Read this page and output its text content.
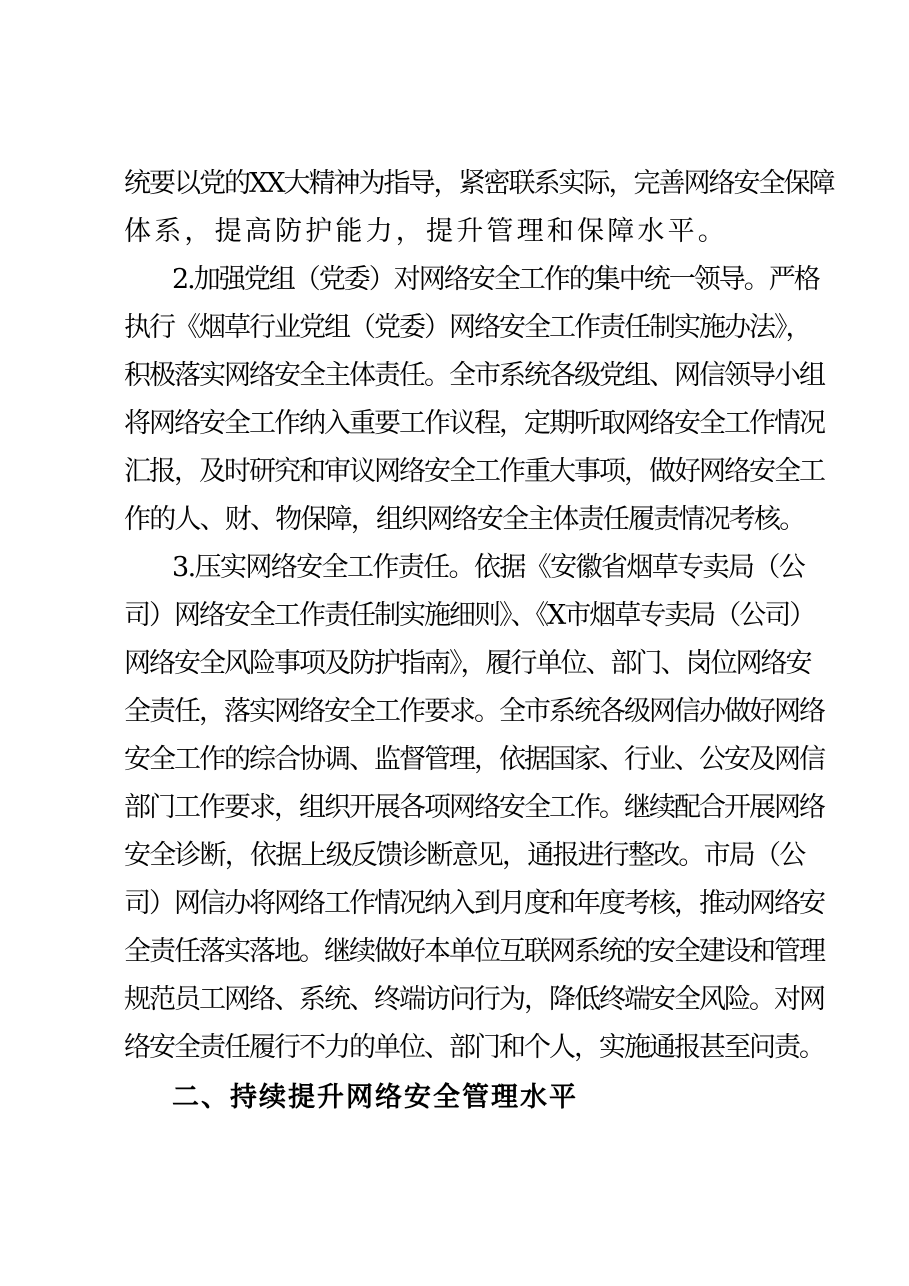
统要以党的XX大精神为指导，紧密联系实际，完善网络安全保障
体系，提高防护能力，提升管理和保障水平。
2.加强党组（党委）对网络安全工作的集中统一领导。严格
执行《烟草行业党组（党委）网络安全工作责任制实施办法》，
积极落实网络安全主体责任。全市系统各级党组、网信领导小组
将网络安全工作纳入重要工作议程，定期听取网络安全工作情况
汇报，及时研究和审议网络安全工作重大事项，做好网络安全工
作的人、财、物保障，组织网络安全主体责任履责情况考核。
3.压实网络安全工作责任。依据《安徽省烟草专卖局（公
司）网络安全工作责任制实施细则》、《X市烟草专卖局（公司）
网络安全风险事项及防护指南》，履行单位、部门、岗位网络安
全责任，落实网络安全工作要求。全市系统各级网信办做好网络
安全工作的综合协调、监督管理，依据国家、行业、公安及网信
部门工作要求，组织开展各项网络安全工作。继续配合开展网络
安全诊断，依据上级反馈诊断意见，通报进行整改。市局（公
司）网信办将网络工作情况纳入到月度和年度考核，推动网络安
全责任落实落地。继续做好本单位互联网系统的安全建设和管理
规范员工网络、系统、终端访问行为，降低终端安全风险。对网
络安全责任履行不力的单位、部门和个人，实施通报甚至问责。
二、持续提升网络安全管理水平
